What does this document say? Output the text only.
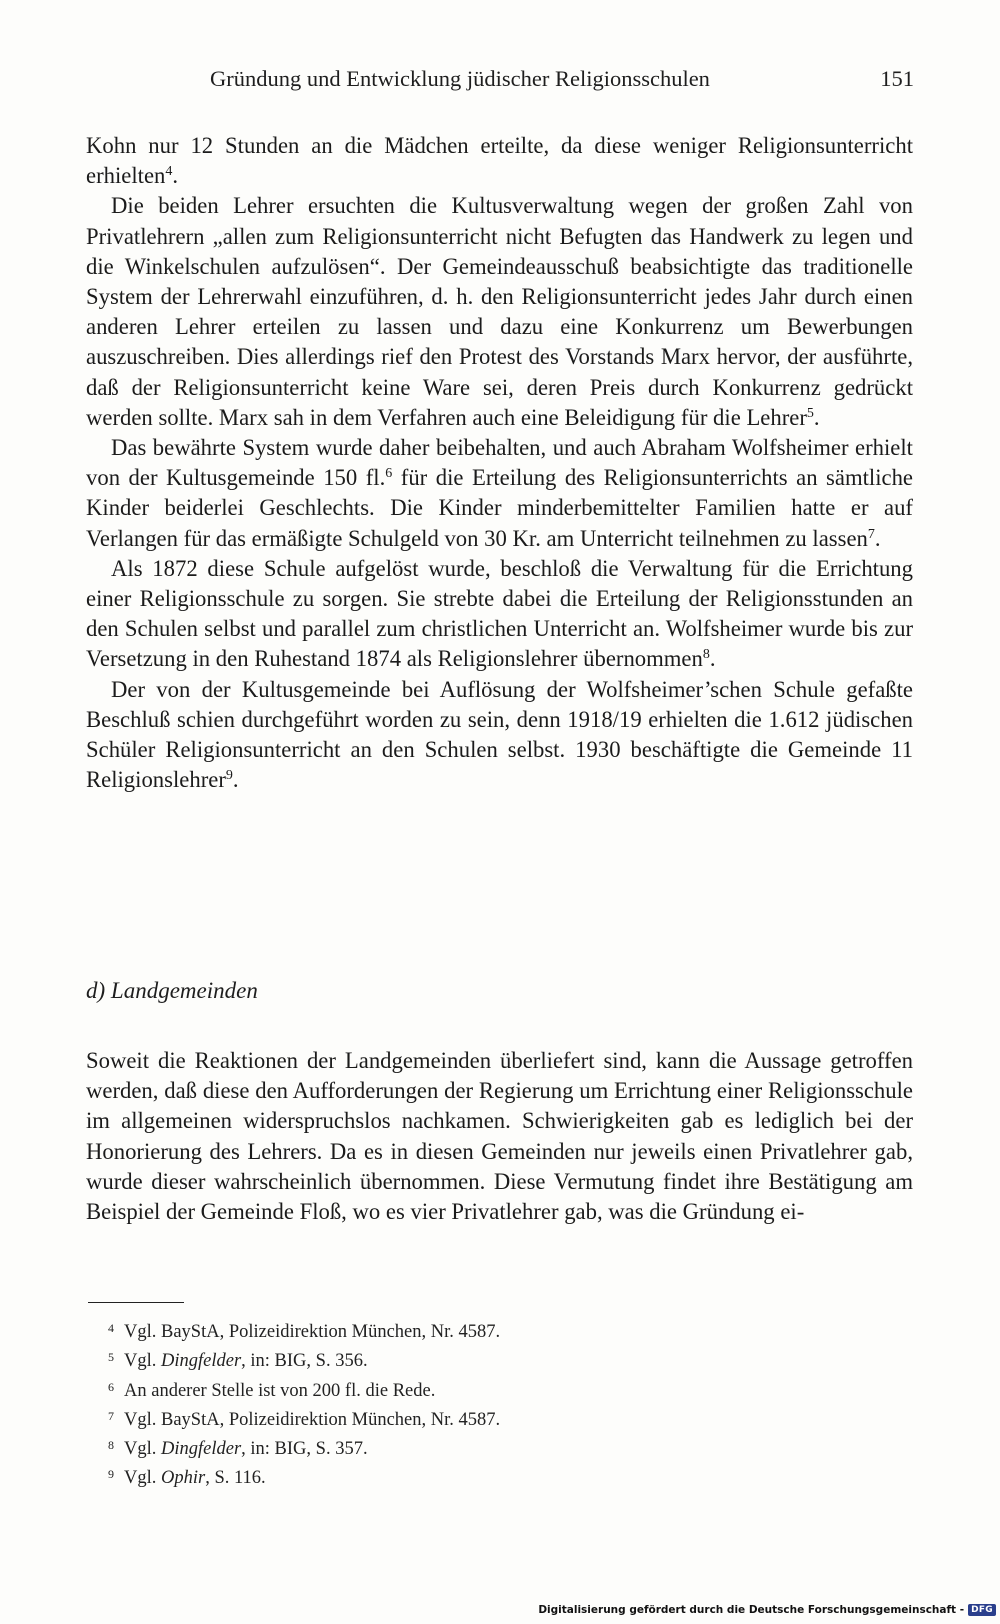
Gründung und Entwicklung jüdischer Religionsschulen	151

Kohn nur 12 Stunden an die Mädchen erteilte, da diese weniger Religionsunterricht erhielten$^4$.

Die beiden Lehrer ersuchten die Kultusverwaltung wegen der großen Zahl von Privatlehrern „allen zum Religionsunterricht nicht Befugten das Handwerk zu legen und die Winkelschulen aufzulösen“. Der Gemeindeausschuß beabsichtigte das traditionelle System der Lehrerwahl einzuführen, d. h. den Religionsunterricht jedes Jahr durch einen anderen Lehrer erteilen zu lassen und dazu eine Konkurrenz um Bewerbungen auszuschreiben. Dies allerdings rief den Protest des Vorstands Marx hervor, der ausführte, daß der Religionsunterricht keine Ware sei, deren Preis durch Konkurrenz gedrückt werden sollte. Marx sah in dem Verfahren auch eine Beleidigung für die Lehrer$^5$.

Das bewährte System wurde daher beibehalten, und auch Abraham Wolfsheimer erhielt von der Kultusgemeinde 150 fl.$^6$ für die Erteilung des Religionsunterrichts an sämtliche Kinder beiderlei Geschlechts. Die Kinder minderbemittelter Familien hatte er auf Verlangen für das ermäßigte Schulgeld von 30 Kr. am Unterricht teilnehmen zu lassen$^7$.

Als 1872 diese Schule aufgelöst wurde, beschloß die Verwaltung für die Errichtung einer Religionsschule zu sorgen. Sie strebte dabei die Erteilung der Religionsstunden an den Schulen selbst und parallel zum christlichen Unterricht an. Wolfsheimer wurde bis zur Versetzung in den Ruhestand 1874 als Religionslehrer übernommen$^8$.

Der von der Kultusgemeinde bei Auflösung der Wolfsheimer’schen Schule gefaßte Beschluß schien durchgeführt worden zu sein, denn 1918/19 erhielten die 1.612 jüdischen Schüler Religionsunterricht an den Schulen selbst. 1930 beschäftigte die Gemeinde 11 Religionslehrer$^9$.

d) Landgemeinden

Soweit die Reaktionen der Landgemeinden überliefert sind, kann die Aussage getroffen werden, daß diese den Aufforderungen der Regierung um Errichtung einer Religionsschule im allgemeinen widerspruchslos nachkamen. Schwierigkeiten gab es lediglich bei der Honorierung des Lehrers. Da es in diesen Gemeinden nur jeweils einen Privatlehrer gab, wurde dieser wahrscheinlich übernommen. Diese Vermutung findet ihre Bestätigung am Beispiel der Gemeinde Floß, wo es vier Privatlehrer gab, was die Gründung ei-

4 Vgl. BayStA, Polizeidirektion München, Nr. 4587.
5 Vgl. Dingfelder, in: BIG, S. 356.
6 An anderer Stelle ist von 200 fl. die Rede.
7 Vgl. BayStA, Polizeidirektion München, Nr. 4587.
8 Vgl. Dingfelder, in: BIG, S. 357.
9 Vgl. Ophir, S. 116.
Digitalisierung gefördert durch die Deutsche Forschungsgemeinschaft - DFG
